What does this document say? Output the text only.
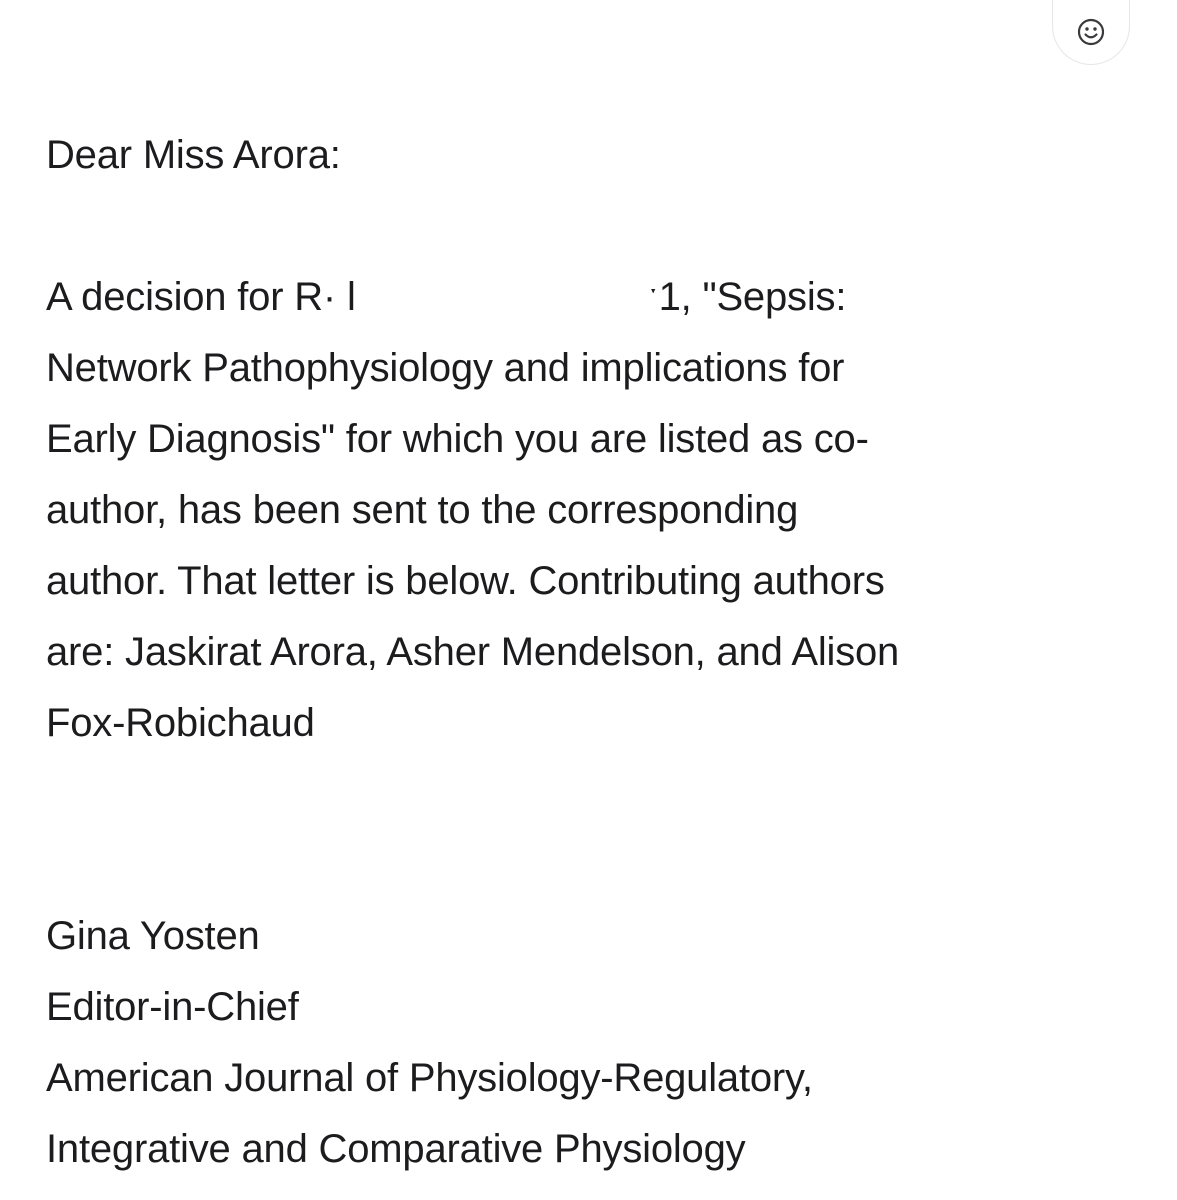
Dear Miss Arora:

A decision for R· Ɩ	ˑ1, "Sepsis:
Network Pathophysiology and implications for
Early Diagnosis" for which you are listed as co-
author, has been sent to the corresponding
author. That letter is below. Contributing authors
are: Jaskirat Arora, Asher Mendelson, and Alison
Fox-Robichaud

Gina Yosten
Editor-in-Chief
American Journal of Physiology-Regulatory,
Integrative and Comparative Physiology
